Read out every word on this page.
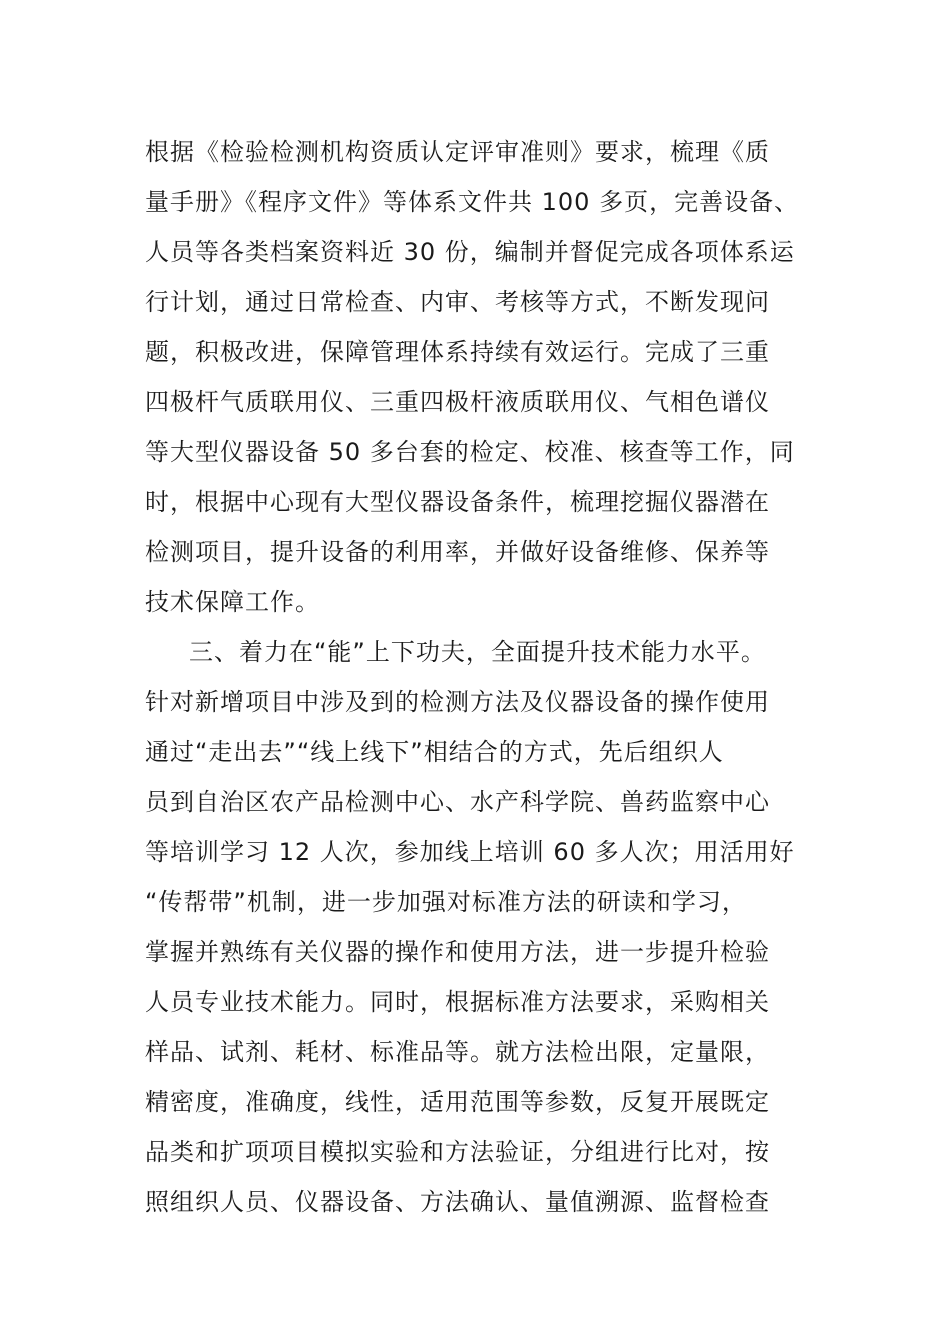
根据《检验检测机构资质认定评审准则》要求，梳理《质
量手册》《程序文件》等体系文件共 100 多页，完善设备、
人员等各类档案资料近 30 份，编制并督促完成各项体系运
行计划，通过日常检查、内审、考核等方式，不断发现问
题，积极改进，保障管理体系持续有效运行。完成了三重
四极杆气质联用仪、三重四极杆液质联用仪、气相色谱仪
等大型仪器设备 50 多台套的检定、校准、核查等工作，同
时，根据中心现有大型仪器设备条件，梳理挖掘仪器潜在
检测项目，提升设备的利用率，并做好设备维修、保养等
技术保障工作。
三、着力在“能”上下功夫，全面提升技术能力水平。
针对新增项目中涉及到的检测方法及仪器设备的操作使用
通过“走出去”“线上线下”相结合的方式，先后组织人
员到自治区农产品检测中心、水产科学院、兽药监察中心
等培训学习 12 人次，参加线上培训 60 多人次；用活用好
“传帮带”机制，进一步加强对标准方法的研读和学习，
掌握并熟练有关仪器的操作和使用方法，进一步提升检验
人员专业技术能力。同时，根据标准方法要求，采购相关
样品、试剂、耗材、标准品等。就方法检出限，定量限，
精密度，准确度，线性，适用范围等参数，反复开展既定
品类和扩项项目模拟实验和方法验证，分组进行比对，按
照组织人员、仪器设备、方法确认、量值溯源、监督检查
